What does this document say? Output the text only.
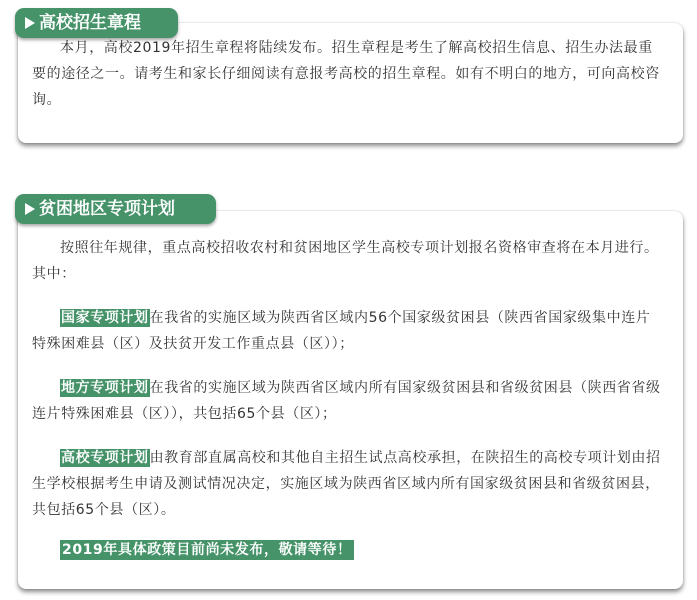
高校招生章程

本月，高校2019年招生章程将陆续发布。招生章程是考生了解高校招生信息、招生办法最重要的途径之一。请考生和家长仔细阅读有意报考高校的招生章程。如有不明白的地方，可向高校咨询。

贫困地区专项计划

按照往年规律，重点高校招收农村和贫困地区学生高校专项计划报名资格审查将在本月进行。其中：

国家专项计划在我省的实施区域为陕西省区域内56个国家级贫困县（陕西省国家级集中连片特殊困难县（区）及扶贫开发工作重点县（区））；

地方专项计划在我省的实施区域为陕西省区域内所有国家级贫困县和省级贫困县（陕西省省级连片特殊困难县（区）），共包括65个县（区）；

高校专项计划由教育部直属高校和其他自主招生试点高校承担，在陕招生的高校专项计划由招生学校根据考生申请及测试情况决定，实施区域为陕西省区域内所有国家级贫困县和省级贫困县，共包括65个县（区）。

2019年具体政策目前尚未发布，敬请等待！
